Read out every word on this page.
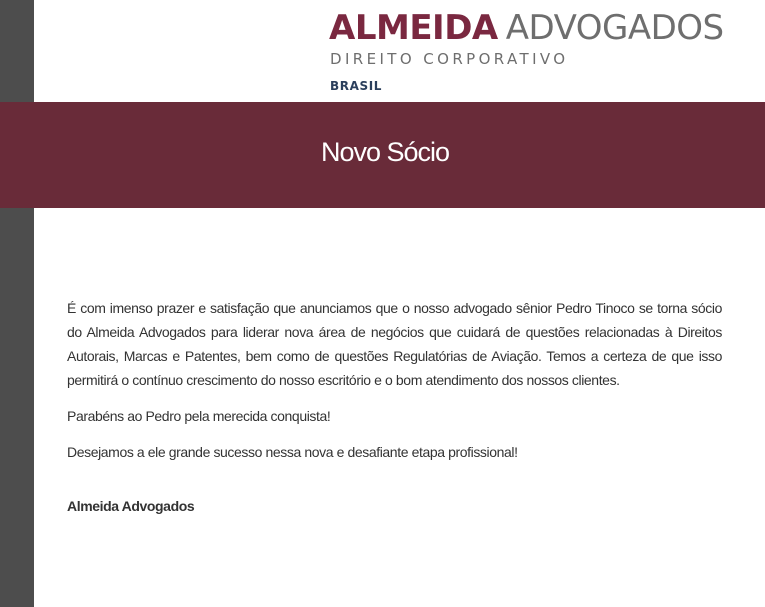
ALMEIDA ADVOGADOS
DIREITO CORPORATIVO
BRASIL
Novo Sócio

É com imenso prazer e satisfação que anunciamos que o nosso advogado sênior Pedro Tinoco se torna sócio do Almeida Advogados para liderar nova área de negócios que cuidará de questões relacionadas à Direitos Autorais, Marcas e Patentes, bem como de questões Regulatórias de Aviação. Temos a certeza de que isso permitirá o contínuo crescimento do nosso escritório e o bom atendimento dos nossos clientes.

Parabéns ao Pedro pela merecida conquista!

Desejamos a ele grande sucesso nessa nova e desafiante etapa profissional!

Almeida Advogados
